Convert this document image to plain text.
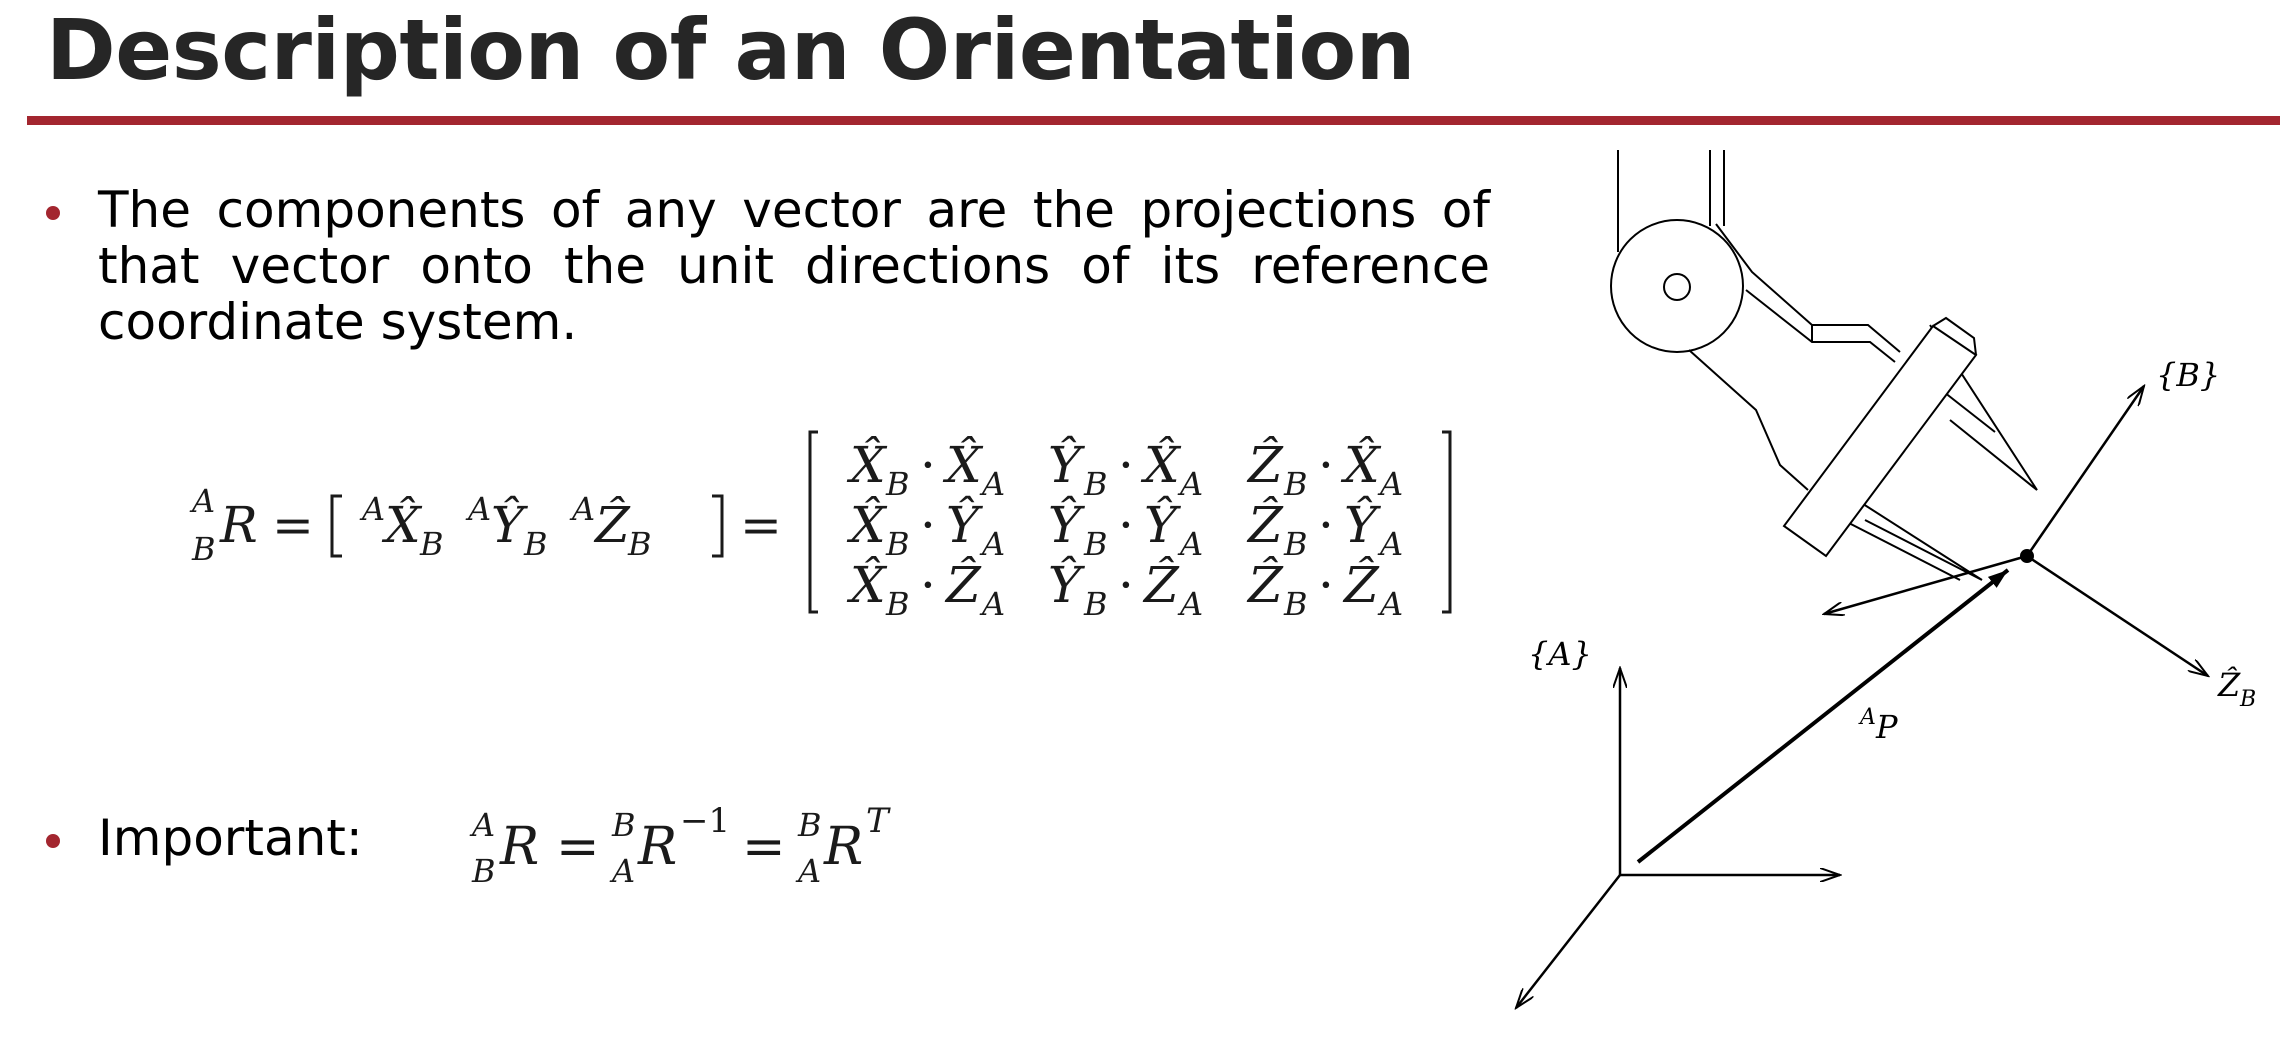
Description of an Orientation
The components of any vector are the projections of that vector onto the unit directions of its reference coordinate system.
A
B R = A X̂ B
A Ŷ B
A Ẑ
B =
X̂ B · X̂ A Ŷ B · X̂ A Ẑ B · X̂ A
X̂ B · Ŷ A Ŷ B · Ŷ A Ẑ B · Ŷ A
X̂ B · Ẑ A Ŷ B · Ẑ A Ẑ B · Ẑ A
Important:	A
B R = B
A R −1 = B
A R T
{A}
{B}
A P
Ẑ B
